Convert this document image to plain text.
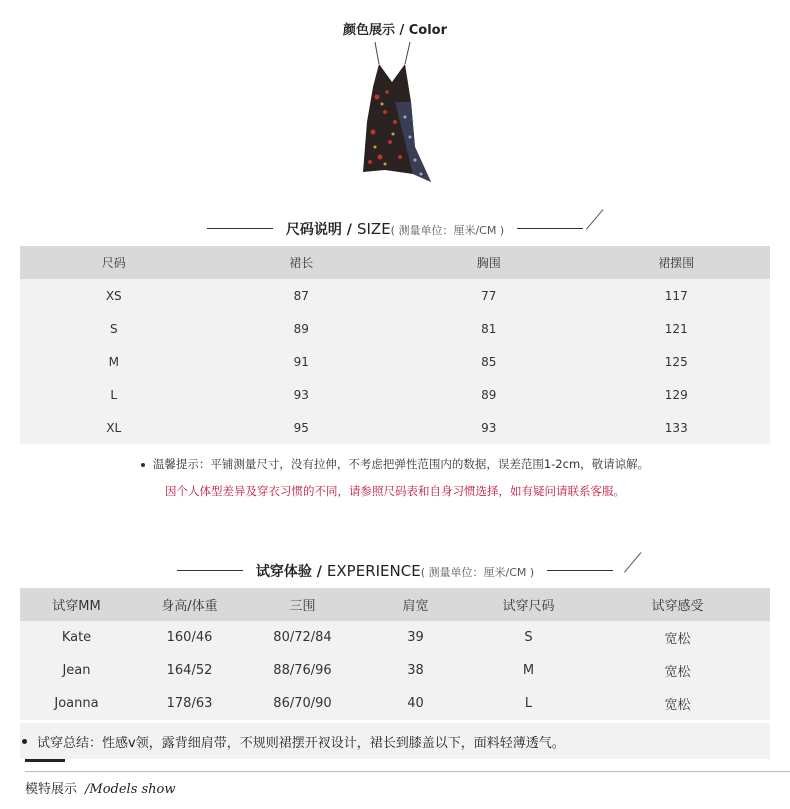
颜色展示 / Color
尺码说明 / SIZE( 测量单位：厘米/CM )
尺码	裙长	胸围	裙摆围
XS	87	77	117
S	89	81	121
M	91	85	125
L	93	89	129
XL	95	93	133
温馨提示：平铺测量尺寸，没有拉伸，不考虑把弹性范围内的数据，误差范围1-2cm，敬请谅解。
因个人体型差异及穿衣习惯的不同，请参照尺码表和自身习惯选择，如有疑问请联系客服。
试穿体验 / EXPERIENCE( 测量单位：厘米/CM )
试穿MM	身高/体重	三围	肩宽	试穿尺码	试穿感受
Kate	160/46	80/72/84	39	S	宽松
Jean	164/52	88/76/96	38	M	宽松
Joanna	178/63	86/70/90	40	L	宽松
试穿总结：性感v领，露背细肩带，不规则裙摆开衩设计，裙长到膝盖以下，面料轻薄透气。
模特展示 /Models show
